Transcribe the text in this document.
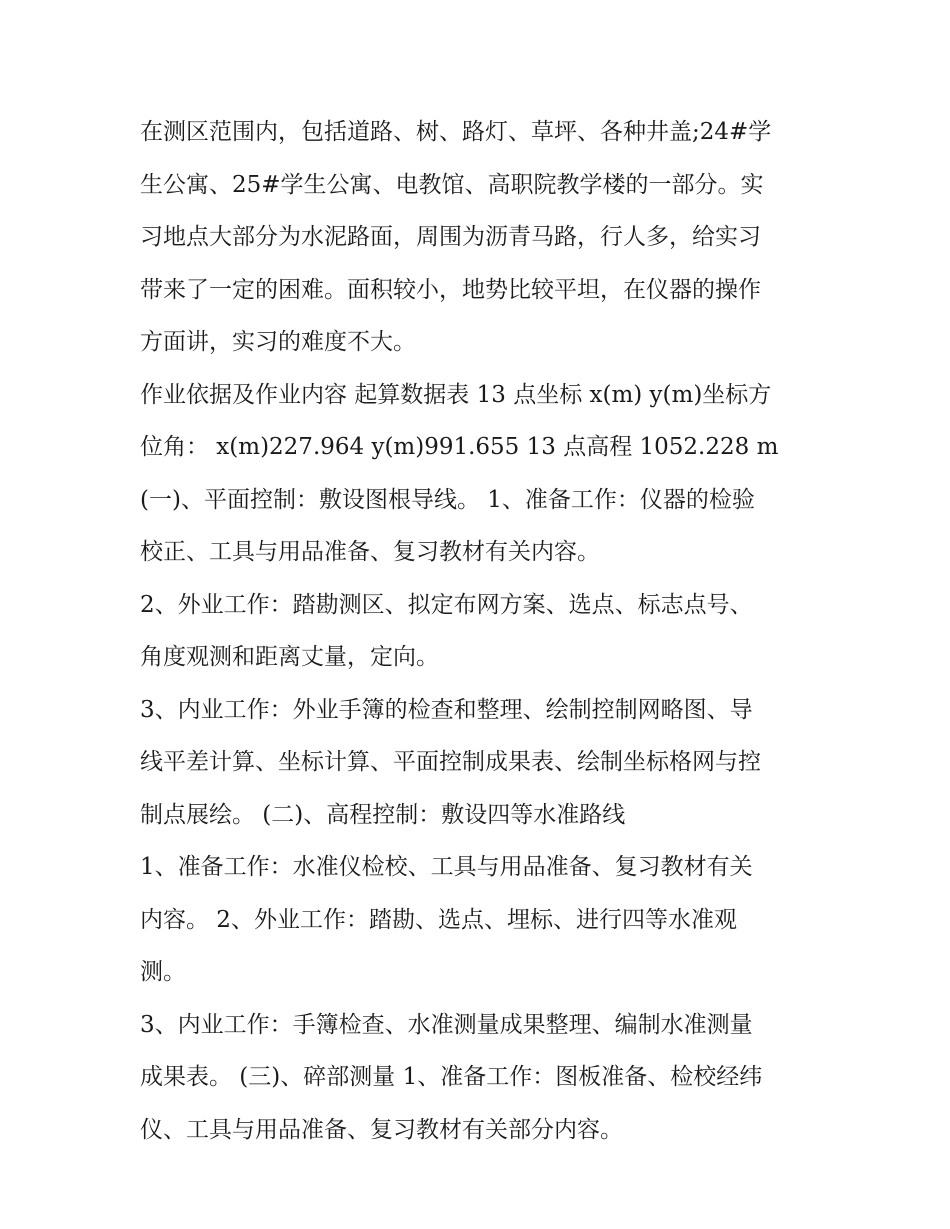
在测区范围内，包括道路、树、路灯、草坪、各种井盖;24#学
生公寓、25#学生公寓、电教馆、高职院教学楼的一部分。实
习地点大部分为水泥路面，周围为沥青马路，行人多，给实习
带来了一定的困难。面积较小，地势比较平坦，在仪器的操作
方面讲，实习的难度不大。
作业依据及作业内容 起算数据表 13 点坐标 x(m) y(m)坐标方
位角： x(m)227.964 y(m)991.655 13 点高程 1052.228 m
(一)、平面控制：敷设图根导线。 1、准备工作：仪器的检验
校正、工具与用品准备、复习教材有关内容。
2、外业工作：踏勘测区、拟定布网方案、选点、标志点号、
角度观测和距离丈量，定向。
3、内业工作：外业手簿的检查和整理、绘制控制网略图、导
线平差计算、坐标计算、平面控制成果表、绘制坐标格网与控
制点展绘。 (二)、高程控制：敷设四等水准路线
1、准备工作：水准仪检校、工具与用品准备、复习教材有关
内容。 2、外业工作：踏勘、选点、埋标、进行四等水准观
测。
3、内业工作：手簿检查、水准测量成果整理、编制水准测量
成果表。 (三)、碎部测量 1、准备工作：图板准备、检校经纬
仪、工具与用品准备、复习教材有关部分内容。
